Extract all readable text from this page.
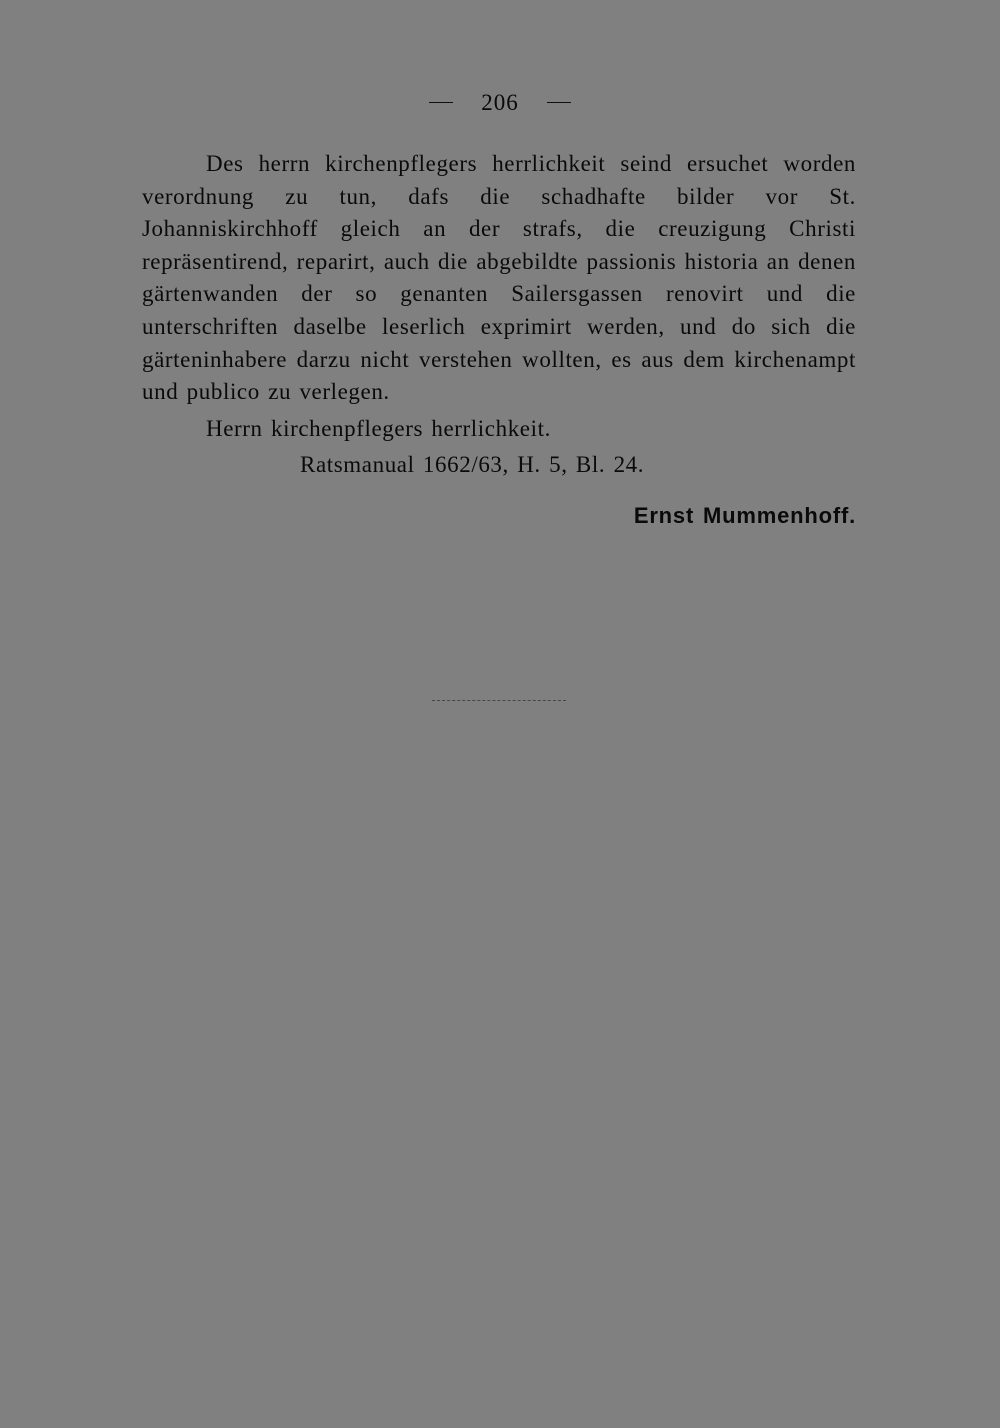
206

Des herrn kirchenpflegers herrlichkeit seind ersuchet worden verordnung zu tun, dafs die schadhafte bilder vor St. Johanniskirchhoff gleich an der strafs, die creuzigung Christi repräsentirend, reparirt, auch die abgebildte passionis historia an denen gärtenwanden der so genanten Sailersgassen renovirt und die unterschriften daselbe leserlich exprimirt werden, und do sich die gärteninhabere darzu nicht verstehen wollten, es aus dem kirchenampt und publico zu verlegen.

Herrn kirchenpflegers herrlichkeit.

Ratsmanual 1662/63, H. 5, Bl. 24.

Ernst Mummenhoff.
